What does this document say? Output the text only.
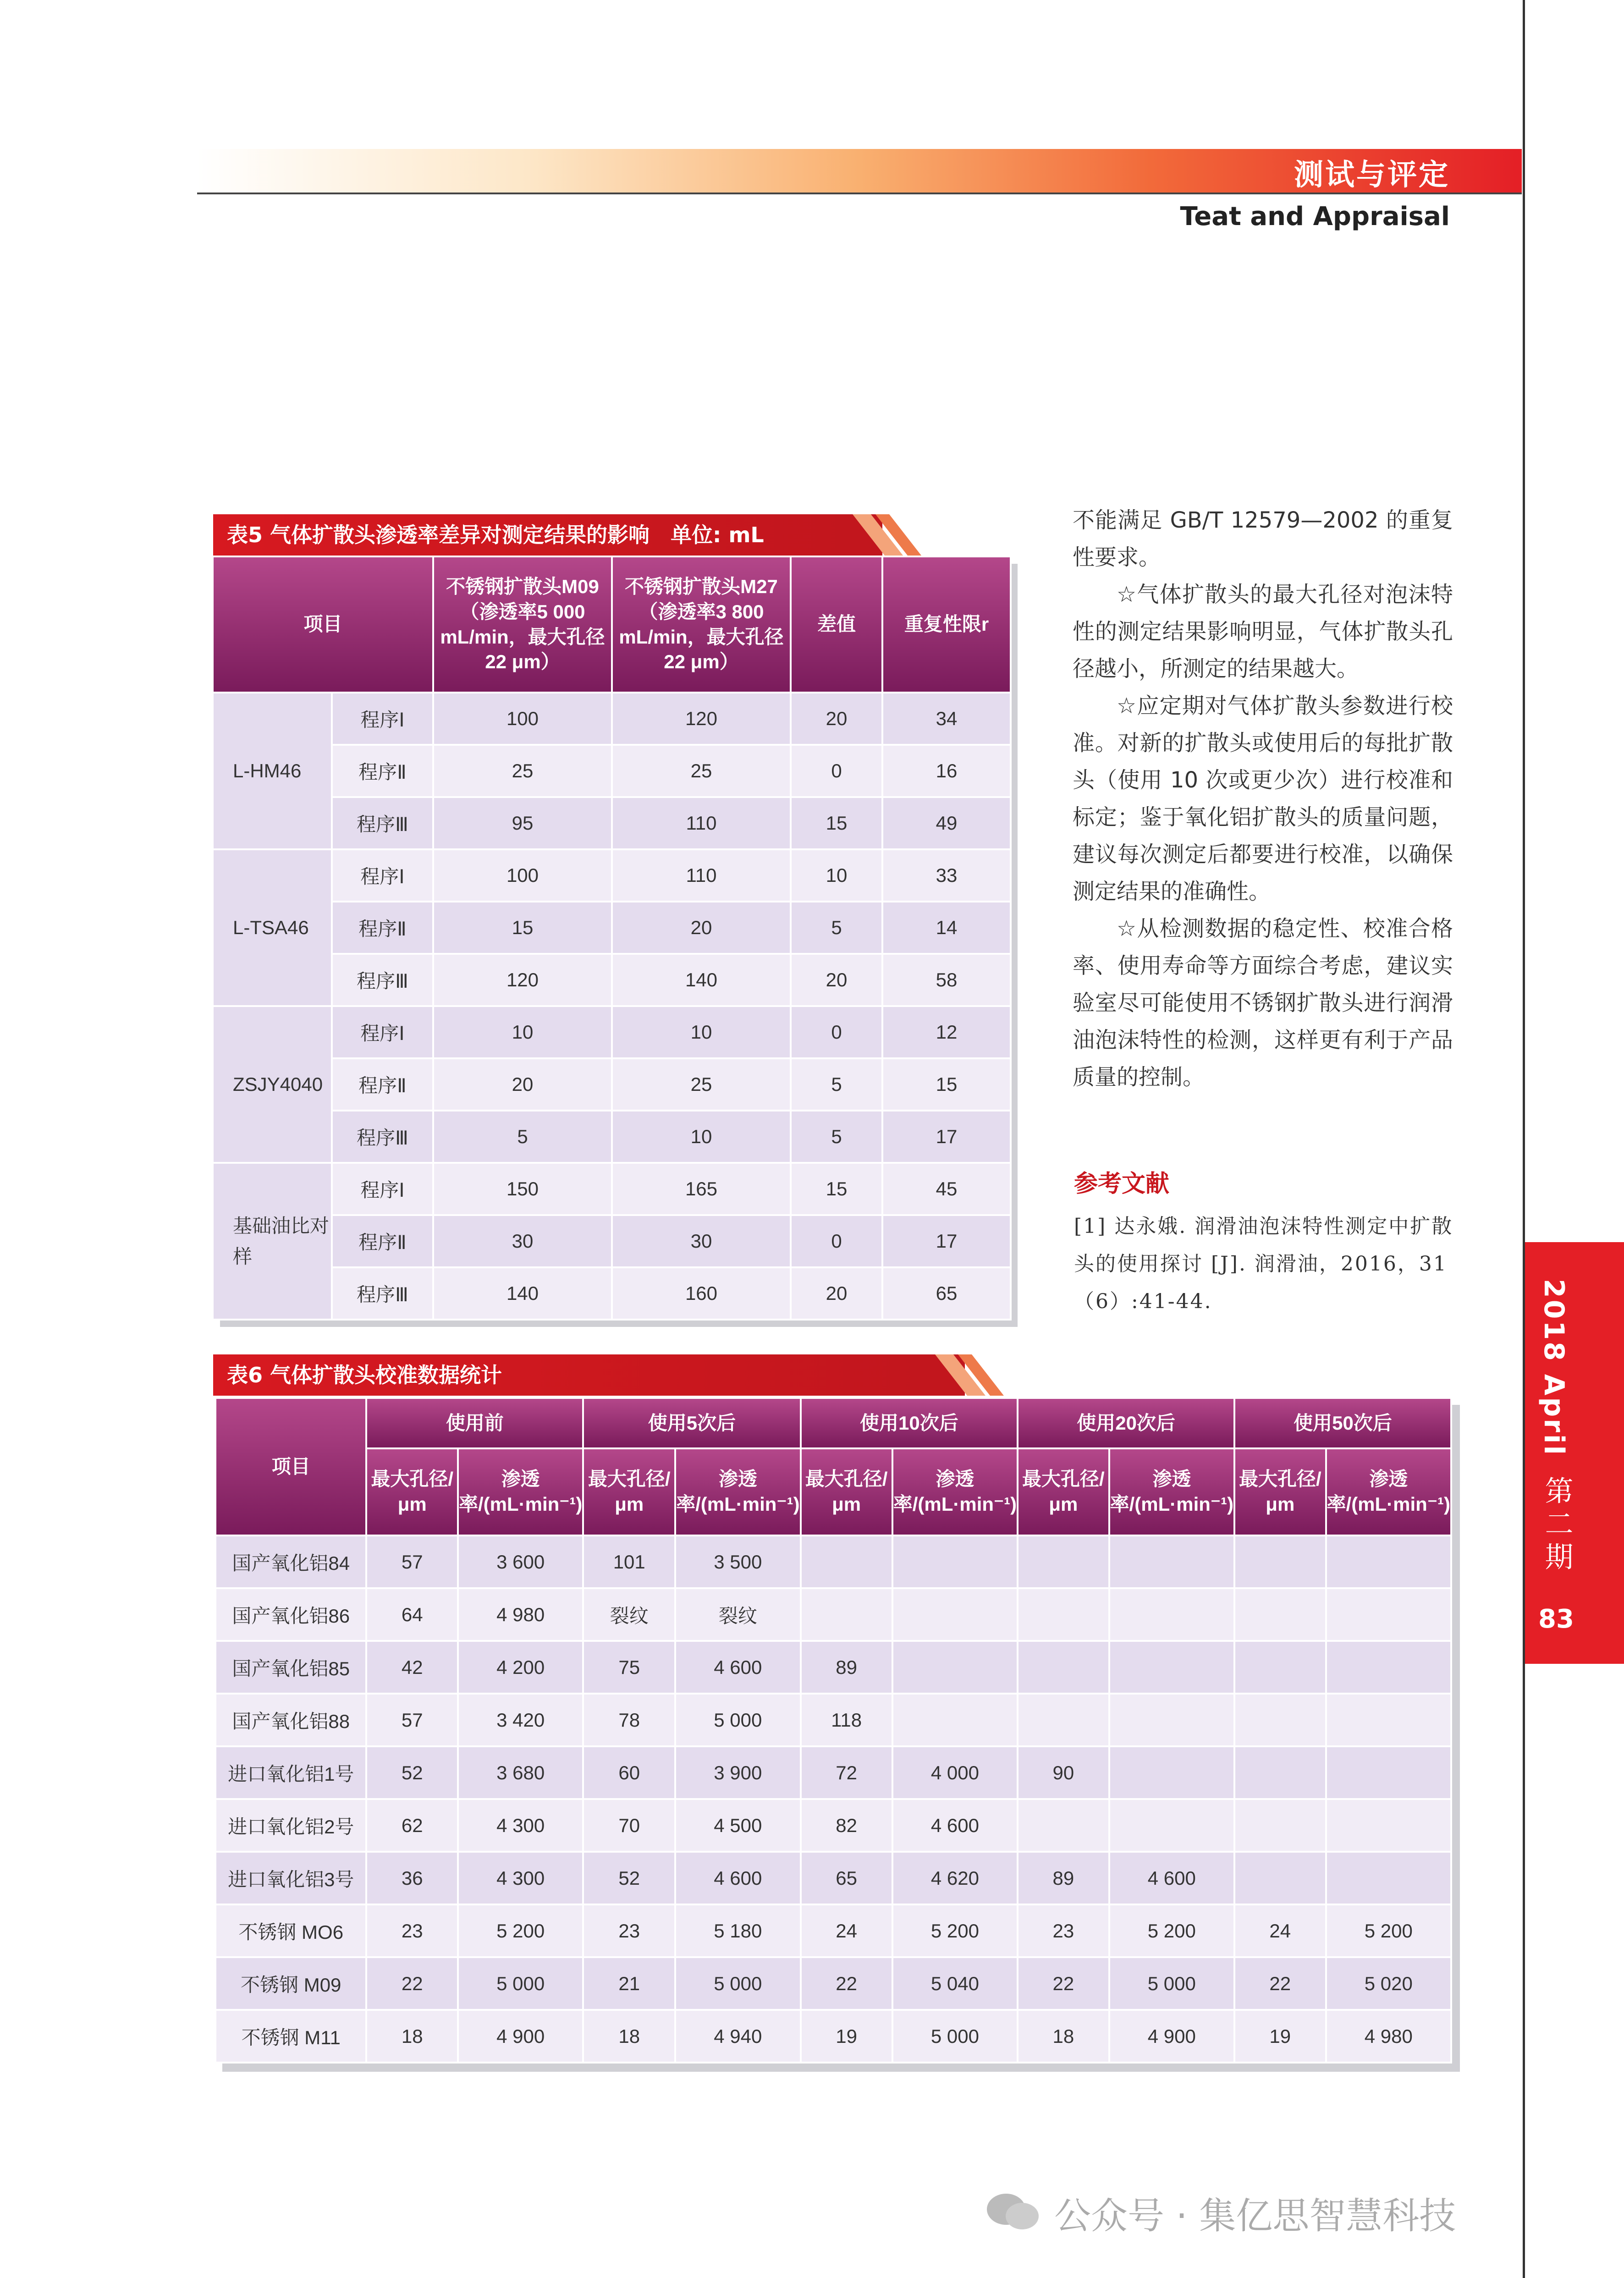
测试与评定
Teat and Appraisal
2018 April
第二期
83
表5 气体扩散头渗透率差异对测定结果的影响 单位: mL
项目		不锈钢扩散头M09（渗透率5 000 mL/min，最大孔径22 μm）	不锈钢扩散头M27（渗透率3 800 mL/min，最大孔径22 μm）	差值	重复性限r
L-HM46	程序Ⅰ	100	120	20	34
	程序Ⅱ	25	25	0	16
	程序Ⅲ	95	110	15	49
L-TSA46	程序Ⅰ	100	110	10	33
	程序Ⅱ	15	20	5	14
	程序Ⅲ	120	140	20	58
ZSJY4040	程序Ⅰ	10	10	0	12
	程序Ⅱ	20	25	5	15
	程序Ⅲ	5	10	5	17
基础油比对样	程序Ⅰ	150	165	15	45
	程序Ⅱ	30	30	0	17
	程序Ⅲ	140	160	20	65
表6 气体扩散头校准数据统计
项目	使用前		使用5次后		使用10次后		使用20次后		使用50次后	
	最大孔径/μm	渗透率/(mL·min⁻¹)	最大孔径/μm	渗透率/(mL·min⁻¹)	最大孔径/μm	渗透率/(mL·min⁻¹)	最大孔径/μm	渗透率/(mL·min⁻¹)	最大孔径/μm	渗透率/(mL·min⁻¹)
国产氧化铝84	57	3 600	101	3 500						
国产氧化铝86	64	4 980	裂纹	裂纹						
国产氧化铝85	42	4 200	75	4 600	89					
国产氧化铝88	57	3 420	78	5 000	118					
进口氧化铝1号	52	3 680	60	3 900	72	4 000	90			
进口氧化铝2号	62	4 300	70	4 500	82	4 600				
进口氧化铝3号	36	4 300	52	4 600	65	4 620	89	4 600		
不锈钢 MO6	23	5 200	23	5 180	24	5 200	23	5 200	24	5 200
不锈钢 M09	22	5 000	21	5 000	22	5 040	22	5 000	22	5 020
不锈钢 M11	18	4 900	18	4 940	19	5 000	18	4 900	19	4 980

不能满足 GB/T 12579—2002 的重复性要求。

☆气体扩散头的最大孔径对泡沫特性的测定结果影响明显，气体扩散头孔径越小，所测定的结果越大。

☆应定期对气体扩散头参数进行校准。对新的扩散头或使用后的每批扩散头（使用 10 次或更少次）进行校准和标定；鉴于氧化铝扩散头的质量问题，建议每次测定后都要进行校准，以确保测定结果的准确性。

☆从检测数据的稳定性、校准合格率、使用寿命等方面综合考虑，建议实验室尽可能使用不锈钢扩散头进行润滑油泡沫特性的检测，这样更有利于产品质量的控制。

参考文献
[1] 达永娥. 润滑油泡沫特性测定中扩散头的使用探讨 [J]. 润滑油，2016，31（6）:41-44.
公众号 · 集亿思智慧科技
